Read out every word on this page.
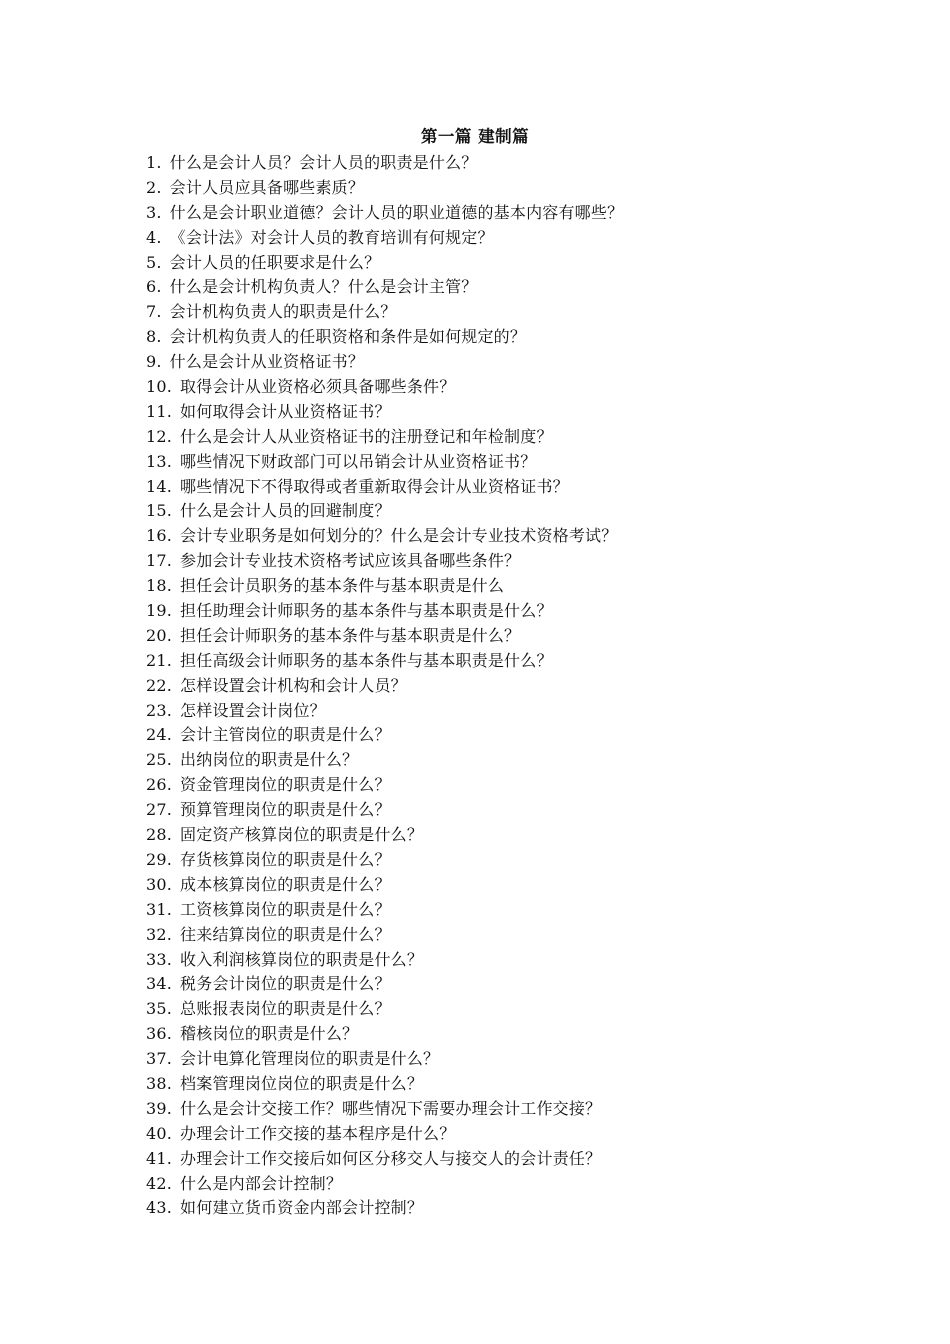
第一篇 建制篇
1. 什么是会计人员？会计人员的职责是什么？
2. 会计人员应具备哪些素质？
3. 什么是会计职业道德？会计人员的职业道德的基本内容有哪些？
4. 《会计法》对会计人员的教育培训有何规定？
5. 会计人员的任职要求是什么？
6. 什么是会计机构负责人？什么是会计主管？
7. 会计机构负责人的职责是什么？
8. 会计机构负责人的任职资格和条件是如何规定的？
9. 什么是会计从业资格证书？
10. 取得会计从业资格必须具备哪些条件？
11. 如何取得会计从业资格证书？
12. 什么是会计人从业资格证书的注册登记和年检制度？
13. 哪些情况下财政部门可以吊销会计从业资格证书？
14. 哪些情况下不得取得或者重新取得会计从业资格证书？
15. 什么是会计人员的回避制度？
16. 会计专业职务是如何划分的？什么是会计专业技术资格考试？
17. 参加会计专业技术资格考试应该具备哪些条件？
18. 担任会计员职务的基本条件与基本职责是什么
19. 担任助理会计师职务的基本条件与基本职责是什么？
20. 担任会计师职务的基本条件与基本职责是什么？
21. 担任高级会计师职务的基本条件与基本职责是什么？
22. 怎样设置会计机构和会计人员？
23. 怎样设置会计岗位？
24. 会计主管岗位的职责是什么？
25. 出纳岗位的职责是什么？
26. 资金管理岗位的职责是什么？
27. 预算管理岗位的职责是什么？
28. 固定资产核算岗位的职责是什么？
29. 存货核算岗位的职责是什么？
30. 成本核算岗位的职责是什么？
31. 工资核算岗位的职责是什么？
32. 往来结算岗位的职责是什么？
33. 收入利润核算岗位的职责是什么？
34. 税务会计岗位的职责是什么？
35. 总账报表岗位的职责是什么？
36. 稽核岗位的职责是什么？
37. 会计电算化管理岗位的职责是什么？
38. 档案管理岗位岗位的职责是什么？
39. 什么是会计交接工作？哪些情况下需要办理会计工作交接？
40. 办理会计工作交接的基本程序是什么？
41. 办理会计工作交接后如何区分移交人与接交人的会计责任？
42. 什么是内部会计控制？
43. 如何建立货币资金内部会计控制？
